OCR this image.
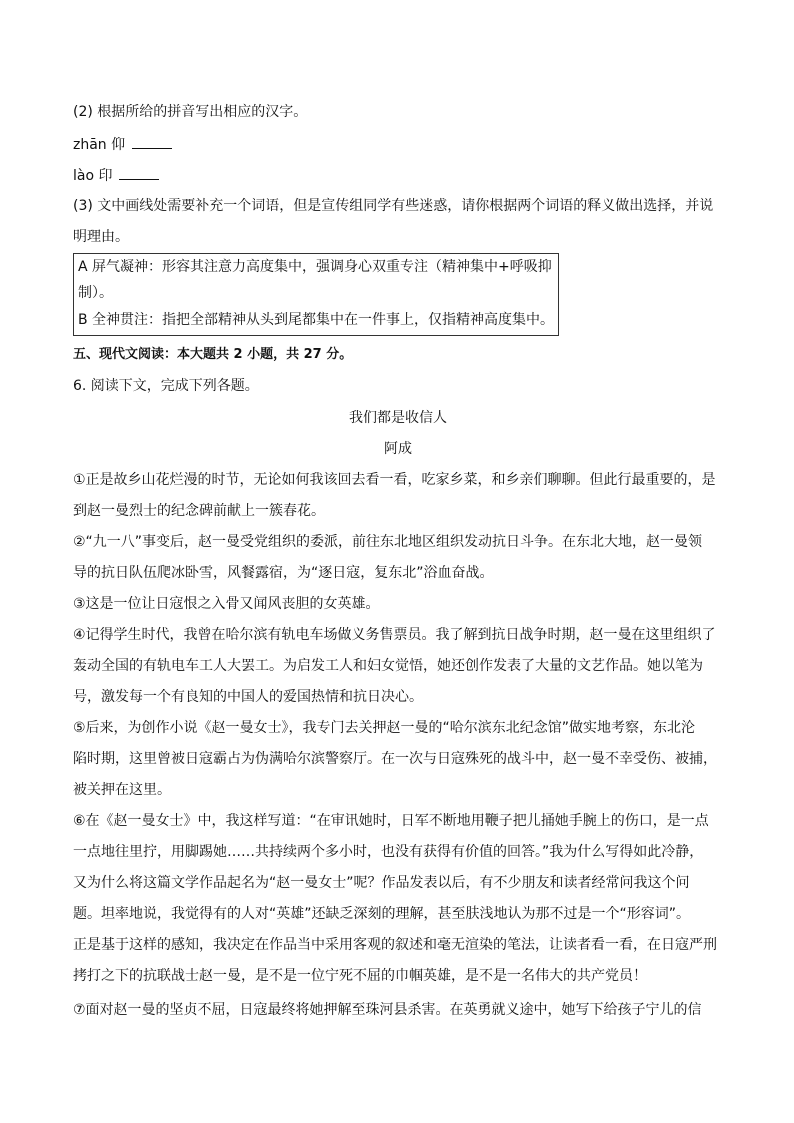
(2) 根据所给的拼音写出相应的汉字。
zhān 仰
lào 印
(3) 文中画线处需要补充一个词语，但是宣传组同学有些迷惑，请你根据两个词语的释义做出选择，并说
明理由。
A 屏气凝神：形容其注意力高度集中，强调身心双重专注（精神集中+呼吸抑
制）。
B 全神贯注：指把全部精神从头到尾都集中在一件事上，仅指精神高度集中。
五、现代文阅读：本大题共 2 小题，共 27 分。
6. 阅读下文，完成下列各题。
我们都是收信人
阿成
①正是故乡山花烂漫的时节，无论如何我该回去看一看，吃家乡菜，和乡亲们聊聊。但此行最重要的，是
到赵一曼烈士的纪念碑前献上一簇春花。
②“九一八”事变后，赵一曼受党组织的委派，前往东北地区组织发动抗日斗争。在东北大地，赵一曼领
导的抗日队伍爬冰卧雪，风餐露宿，为“逐日寇，复东北”浴血奋战。
③这是一位让日寇恨之入骨又闻风丧胆的女英雄。
④记得学生时代，我曾在哈尔滨有轨电车场做义务售票员。我了解到抗日战争时期，赵一曼在这里组织了
轰动全国的有轨电车工人大罢工。为启发工人和妇女觉悟，她还创作发表了大量的文艺作品。她以笔为
号，激发每一个有良知的中国人的爱国热情和抗日决心。
⑤后来，为创作小说《赵一曼女士》，我专门去关押赵一曼的“哈尔滨东北纪念馆”做实地考察，东北沦
陷时期，这里曾被日寇霸占为伪满哈尔滨警察厅。在一次与日寇殊死的战斗中，赵一曼不幸受伤、被捕，
被关押在这里。
⑥在《赵一曼女士》中，我这样写道：“在审讯她时，日军不断地用鞭子把儿捅她手腕上的伤口，是一点
一点地往里拧，用脚踢她……共持续两个多小时，也没有获得有价值的回答。”我为什么写得如此冷静，
又为什么将这篇文学作品起名为“赵一曼女士”呢？作品发表以后，有不少朋友和读者经常问我这个问
题。坦率地说，我觉得有的人对“英雄”还缺乏深刻的理解，甚至肤浅地认为那不过是一个“形容词”。
正是基于这样的感知，我决定在作品当中采用客观的叙述和毫无渲染的笔法，让读者看一看，在日寇严刑
拷打之下的抗联战士赵一曼，是不是一位宁死不屈的巾帼英雄，是不是一名伟大的共产党员！
⑦面对赵一曼的坚贞不屈，日寇最终将她押解至珠河县杀害。在英勇就义途中，她写下给孩子宁儿的信
